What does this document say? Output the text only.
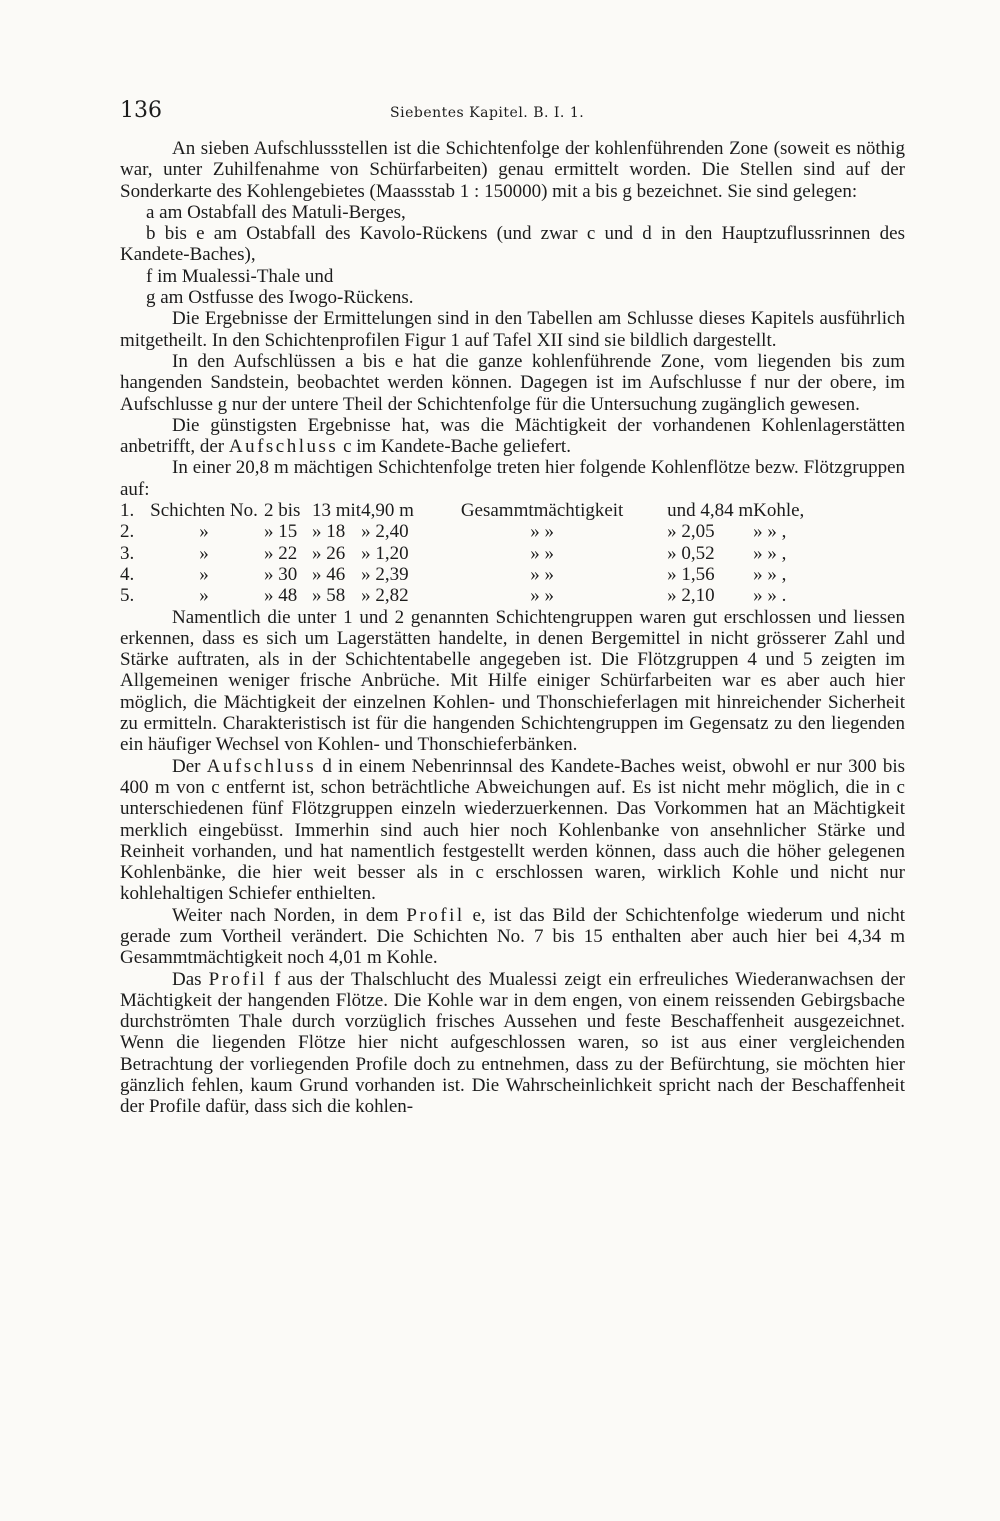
136	Siebentes Kapitel. B. I. 1.

An sieben Aufschlussstellen ist die Schichtenfolge der kohlenführenden Zone (soweit es nöthig war, unter Zuhilfenahme von Schürfarbeiten) genau ermittelt worden. Die Stellen sind auf der Sonderkarte des Kohlengebietes (Maassstab 1 : 150000) mit a bis g bezeichnet. Sie sind gelegen:

a am Ostabfall des Matuli-Berges,

b bis e am Ostabfall des Kavolo-Rückens (und zwar c und d in den Hauptzuflussrinnen des Kandete-Baches),

f im Mualessi-Thale und

g am Ostfusse des Iwogo-Rückens.

Die Ergebnisse der Ermittelungen sind in den Tabellen am Schlusse dieses Kapitels ausführlich mitgetheilt. In den Schichtenprofilen Figur 1 auf Tafel XII sind sie bildlich dargestellt.

In den Aufschlüssen a bis e hat die ganze kohlenführende Zone, vom liegenden bis zum hangenden Sandstein, beobachtet werden können. Dagegen ist im Aufschlusse f nur der obere, im Aufschlusse g nur der untere Theil der Schichtenfolge für die Untersuchung zugänglich gewesen.

Die günstigsten Ergebnisse hat, was die Mächtigkeit der vorhandenen Kohlenlagerstätten anbetrifft, der Aufschluss c im Kandete-Bache geliefert.

In einer 20,8 m mächtigen Schichtenfolge treten hier folgende Kohlenflötze bezw. Flötzgruppen auf:

1.	Schichten No.	2 bis	13 mit	4,90 m	Gesammtmächtigkeit	und 4,84 m	Kohle,
2.	»	» 15	» 18	» 2,40	» »	» 2,05	» » ,
3.	»	» 22	» 26	» 1,20	» »	» 0,52	» » ,
4.	»	» 30	» 46	» 2,39	» »	» 1,56	» » ,
5.	»	» 48	» 58	» 2,82	» »	» 2,10	» » .

Namentlich die unter 1 und 2 genannten Schichtengruppen waren gut erschlossen und liessen erkennen, dass es sich um Lagerstätten handelte, in denen Bergemittel in nicht grösserer Zahl und Stärke auftraten, als in der Schichtentabelle angegeben ist. Die Flötzgruppen 4 und 5 zeigten im Allgemeinen weniger frische Anbrüche. Mit Hilfe einiger Schürfarbeiten war es aber auch hier möglich, die Mächtigkeit der einzelnen Kohlen- und Thonschieferlagen mit hinreichender Sicherheit zu ermitteln. Charakteristisch ist für die hangenden Schichtengruppen im Gegensatz zu den liegenden ein häufiger Wechsel von Kohlen- und Thonschieferbänken.

Der Aufschluss d in einem Nebenrinnsal des Kandete-Baches weist, obwohl er nur 300 bis 400 m von c entfernt ist, schon beträchtliche Abweichungen auf. Es ist nicht mehr möglich, die in c unterschiedenen fünf Flötzgruppen einzeln wiederzuerkennen. Das Vorkommen hat an Mächtigkeit merklich eingebüsst. Immerhin sind auch hier noch Kohlenbanke von ansehnlicher Stärke und Reinheit vorhanden, und hat namentlich festgestellt werden können, dass auch die höher gelegenen Kohlenbänke, die hier weit besser als in c erschlossen waren, wirklich Kohle und nicht nur kohlehaltigen Schiefer enthielten.

Weiter nach Norden, in dem Profil e, ist das Bild der Schichtenfolge wiederum und nicht gerade zum Vortheil verändert. Die Schichten No. 7 bis 15 enthalten aber auch hier bei 4,34 m Gesammtmächtigkeit noch 4,01 m Kohle.

Das Profil f aus der Thalschlucht des Mualessi zeigt ein erfreuliches Wiederanwachsen der Mächtigkeit der hangenden Flötze. Die Kohle war in dem engen, von einem reissenden Gebirgsbache durchströmten Thale durch vorzüglich frisches Aussehen und feste Beschaffenheit ausgezeichnet. Wenn die liegenden Flötze hier nicht aufgeschlossen waren, so ist aus einer vergleichenden Betrachtung der vorliegenden Profile doch zu entnehmen, dass zu der Befürchtung, sie möchten hier gänzlich fehlen, kaum Grund vorhanden ist. Die Wahrscheinlichkeit spricht nach der Beschaffenheit der Profile dafür, dass sich die kohlen-
